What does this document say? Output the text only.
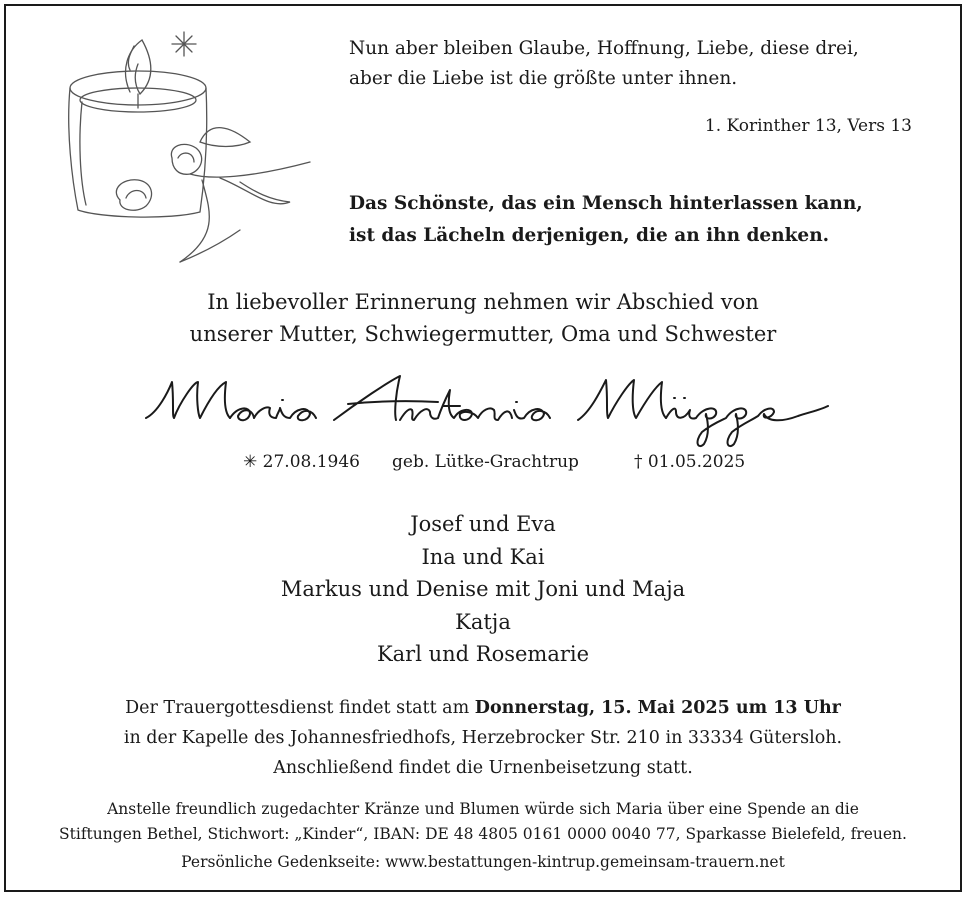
Nun aber bleiben Glaube, Hoffnung, Liebe, diese drei,
aber die Liebe ist die größte unter ihnen.
1. Korinther 13, Vers 13
Das Schönste, das ein Mensch hinterlassen kann,
ist das Lächeln derjenigen, die an ihn denken.
In liebevoller Erinnerung nehmen wir Abschied von
unserer Mutter, Schwiegermutter, Oma und Schwester
✳ 27.08.1946 geb. Lütke-Grachtrup	† 01.05.2025
Josef und Eva
Ina und Kai
Markus und Denise mit Joni und Maja
Katja
Karl und Rosemarie
Der Trauergottesdienst findet statt am Donnerstag, 15. Mai 2025 um 13 Uhr
in der Kapelle des Johannesfriedhofs, Herzebrocker Str. 210 in 33334 Gütersloh.
Anschließend findet die Urnenbeisetzung statt.
Anstelle freundlich zugedachter Kränze und Blumen würde sich Maria über eine Spende an die
Stiftungen Bethel, Stichwort: „Kinder“, IBAN: DE 48 4805 0161 0000 0040 77, Sparkasse Bielefeld, freuen.
Persönliche Gedenkseite: www.bestattungen-kintrup.gemeinsam-trauern.net
